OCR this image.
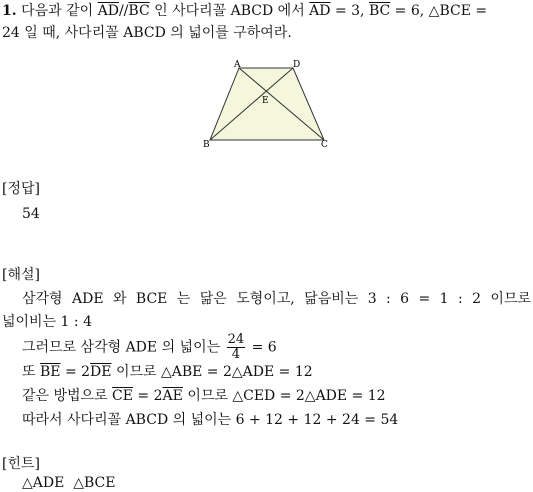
1. 다음과 같이 $\overline{AD}//\overline{BC}$ 인 사다리꼴 ABCD 에서 $\overline{AD} = 3$, $\overline{BC} = 6$, △BCE =
24 일 때, 사다리꼴 ABCD 의 넓이를 구하여라.
A	D
E
B	C
[정답]
54
[해설]
삼각형 ADE 와 BCE 는 닮은 도형이고, 닮음비는 3 : 6 = 1 : 2 이므로
넓이비는 1 : 4
그러므로 삼각형 ADE 의 넓이는 $\frac{24}{4} = 6$
또 $\overline{BE} = 2\overline{DE}$ 이므로 △ABE = 2△ADE = 12
같은 방법으로 $\overline{CE} = 2\overline{AE}$ 이므로 △CED = 2△ADE = 12
따라서 사다리꼴 ABCD 의 넓이는 6 + 12 + 12 + 24 = 54
[힌트]
△ADE  △BCE
